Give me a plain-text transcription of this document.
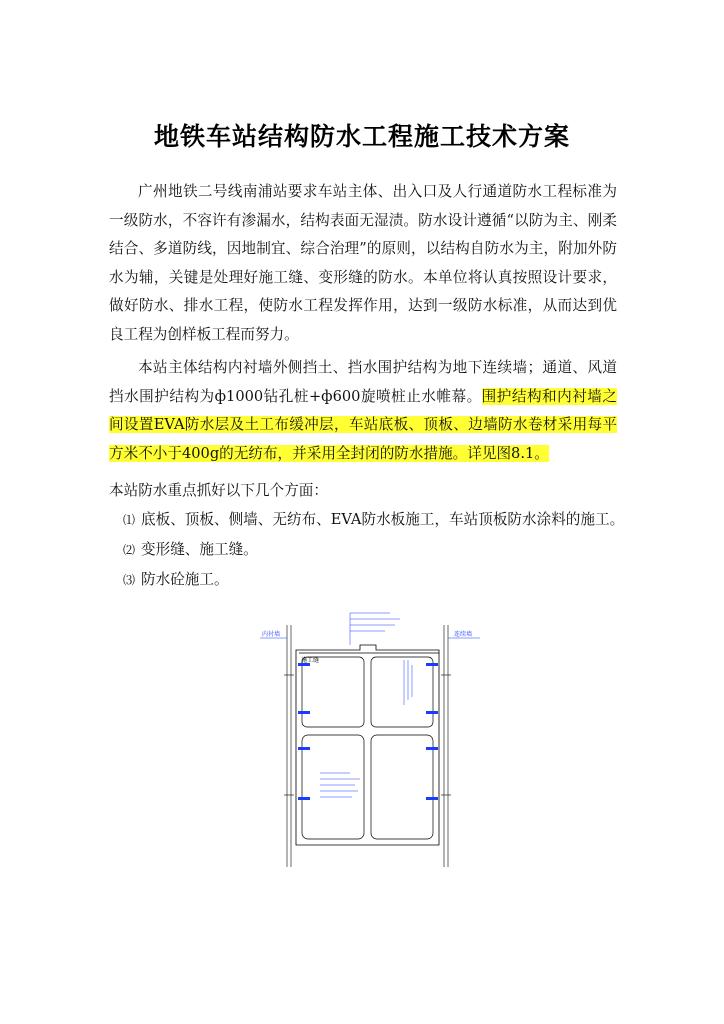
地铁车站结构防水工程施工技术方案

广州地铁二号线南浦站要求车站主体、出入口及人行通道防水工程标准为一级防水，不容许有渗漏水，结构表面无湿渍。防水设计遵循“以防为主、刚柔结合、多道防线，因地制宜、综合治理”的原则，以结构自防水为主，附加外防水为辅，关键是处理好施工缝、变形缝的防水。本单位将认真按照设计要求，做好防水、排水工程，使防水工程发挥作用，达到一级防水标准，从而达到优良工程为创样板工程而努力。

本站主体结构内衬墙外侧挡土、挡水围护结构为地下连续墙；通道、风道挡水围护结构为ф1000钻孔桩+ф600旋喷桩止水帷幕。围护结构和内衬墙之间设置EVA防水层及土工布缓冲层，车站底板、顶板、边墙防水卷材采用每平方米不小于400g的无纺布，并采用全封闭的防水措施。详见图8.1。

本站防水重点抓好以下几个方面：
⑴ 底板、顶板、侧墙、无纺布、EVA防水板施工，车站顶板防水涂料的施工。
⑵ 变形缝、施工缝。
⑶ 防水砼施工。
内衬墙	连续墙
施工缝
